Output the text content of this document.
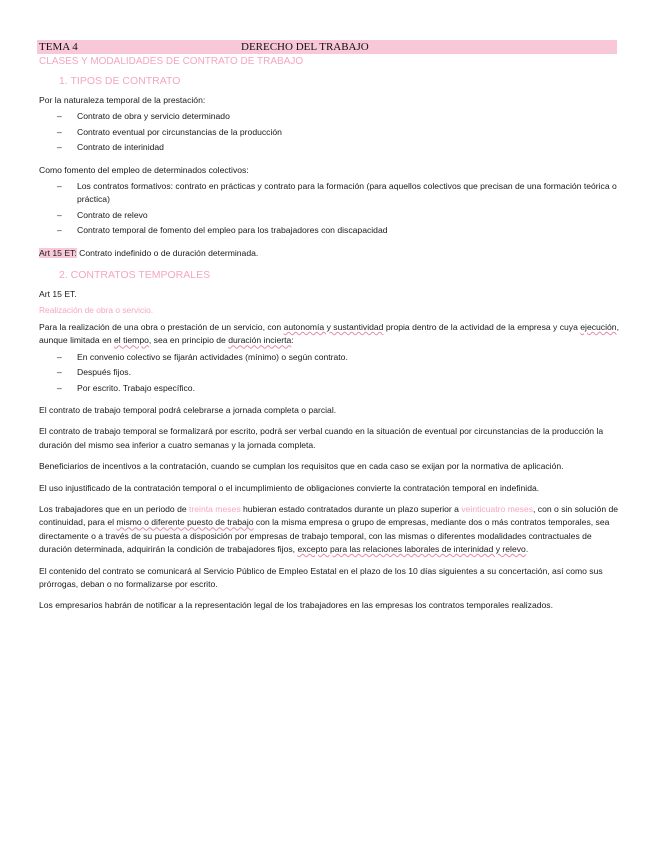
TEMA 4	DERECHO DEL TRABAJO
CLASES Y MODALIDADES DE CONTRATO DE TRABAJO
1. TIPOS DE CONTRATO
Por la naturaleza temporal de la prestación:
– Contrato de obra y servicio determinado
– Contrato eventual por circunstancias de la producción
– Contrato de interinidad
Como fomento del empleo de determinados colectivos:
– Los contratos formativos: contrato en prácticas y contrato para la formación (para aquellos colectivos que precisan de una formación teórica o práctica)
– Contrato de relevo
– Contrato temporal de fomento del empleo para los trabajadores con discapacidad
Art 15 ET: Contrato indefinido o de duración determinada.
2. CONTRATOS TEMPORALES
Art 15 ET.
Realización de obra o servicio.
Para la realización de una obra o prestación de un servicio, con autonomía y sustantividad propia dentro de la actividad de la empresa y cuya ejecución, aunque limitada en el tiempo, sea en principio de duración incierta:
– En convenio colectivo se fijarán actividades (mínimo) o según contrato.
– Después fijos.
– Por escrito. Trabajo específico.
El contrato de trabajo temporal podrá celebrarse a jornada completa o parcial.
El contrato de trabajo temporal se formalizará por escrito, podrá ser verbal cuando en la situación de eventual por circunstancias de la producción la duración del mismo sea inferior a cuatro semanas y la jornada completa.
Beneficiarios de incentivos a la contratación, cuando se cumplan los requisitos que en cada caso se exijan por la normativa de aplicación.
El uso injustificado de la contratación temporal o el incumplimiento de obligaciones convierte la contratación temporal en indefinida.
Los trabajadores que en un periodo de treinta meses hubieran estado contratados durante un plazo superior a veinticuatro meses, con o sin solución de continuidad, para el mismo o diferente puesto de trabajo con la misma empresa o grupo de empresas, mediante dos o más contratos temporales, sea directamente o a través de su puesta a disposición por empresas de trabajo temporal, con las mismas o diferentes modalidades contractuales de duración determinada, adquirirán la condición de trabajadores fijos, excepto para las relaciones laborales de interinidad y relevo.
El contenido del contrato se comunicará al Servicio Público de Empleo Estatal en el plazo de los 10 días siguientes a su concertación, así como sus prórrogas, deban o no formalizarse por escrito.
Los empresarios habrán de notificar a la representación legal de los trabajadores en las empresas los contratos temporales realizados.
